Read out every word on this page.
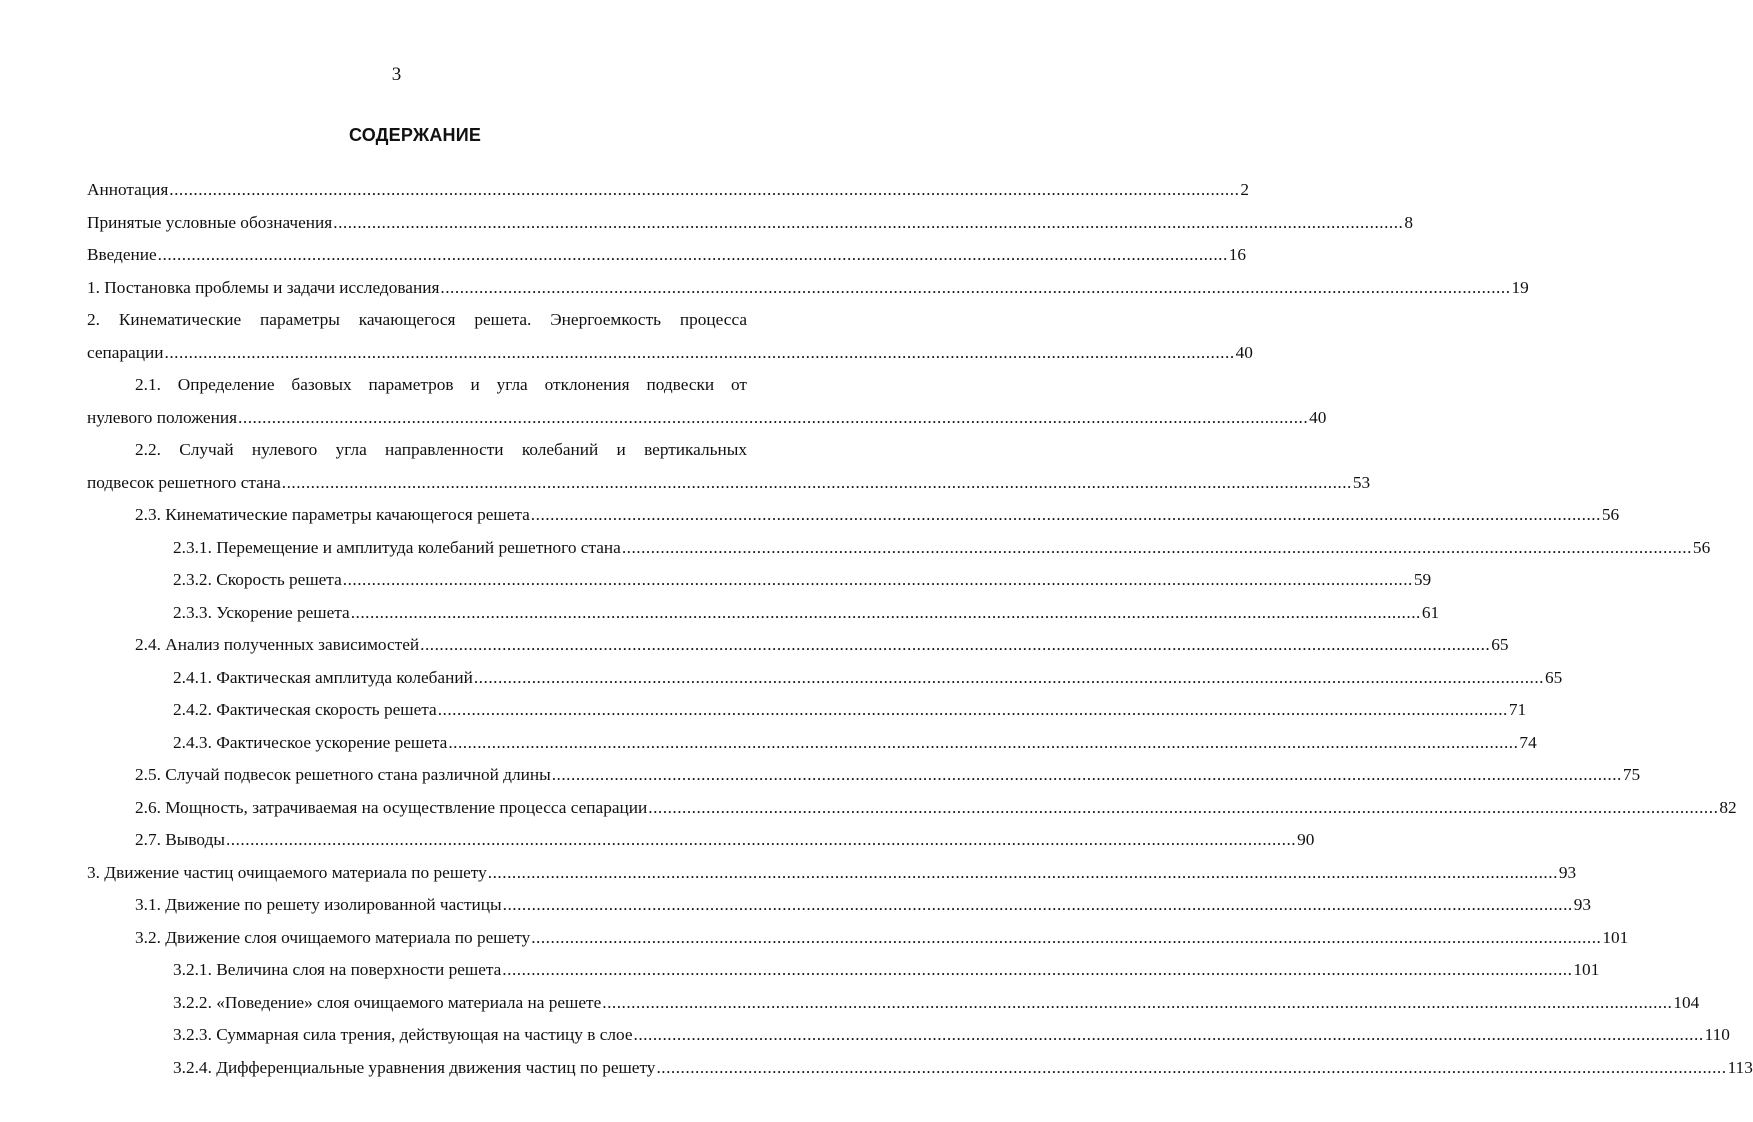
3
СОДЕРЖАНИЕ
Аннотация .............................................................................................................................................................................................................................. 2
Принятые условные обозначения .............................................................................................................................................................................................................................. 8
Введение .............................................................................................................................................................................................................................. 16
1. Постановка проблемы и задачи исследования .............................................................................................................................................................................................................................. 19
2. Кинематические параметры качающегося решета. Энергоемкость процесса
сепарации .............................................................................................................................................................................................................................. 40
2.1. Определение базовых параметров и угла отклонения подвески от
нулевого положения .............................................................................................................................................................................................................................. 40
2.2. Случай нулевого угла направленности колебаний и вертикальных
подвесок решетного стана .............................................................................................................................................................................................................................. 53
2.3. Кинематические параметры качающегося решета .............................................................................................................................................................................................................................. 56
2.3.1. Перемещение и амплитуда колебаний решетного стана .............................................................................................................................................................................................................................. 56
2.3.2. Скорость решета .............................................................................................................................................................................................................................. 59
2.3.3. Ускорение решета .............................................................................................................................................................................................................................. 61
2.4. Анализ полученных зависимостей .............................................................................................................................................................................................................................. 65
2.4.1. Фактическая амплитуда колебаний .............................................................................................................................................................................................................................. 65
2.4.2. Фактическая скорость решета .............................................................................................................................................................................................................................. 71
2.4.3. Фактическое ускорение решета .............................................................................................................................................................................................................................. 74
2.5. Случай подвесок решетного стана различной длины .............................................................................................................................................................................................................................. 75
2.6. Мощность, затрачиваемая на осуществление процесса сепарации .............................................................................................................................................................................................................................. 82
2.7. Выводы .............................................................................................................................................................................................................................. 90
3. Движение частиц очищаемого материала по решету .............................................................................................................................................................................................................................. 93
3.1. Движение по решету изолированной частицы .............................................................................................................................................................................................................................. 93
3.2. Движение слоя очищаемого материала по решету .............................................................................................................................................................................................................................. 101
3.2.1. Величина слоя на поверхности решета .............................................................................................................................................................................................................................. 101
3.2.2. «Поведение» слоя очищаемого материала на решете .............................................................................................................................................................................................................................. 104
3.2.3. Суммарная сила трения, действующая на частицу в слое .............................................................................................................................................................................................................................. 110
3.2.4. Дифференциальные уравнения движения частиц по решету .............................................................................................................................................................................................................................. 113
